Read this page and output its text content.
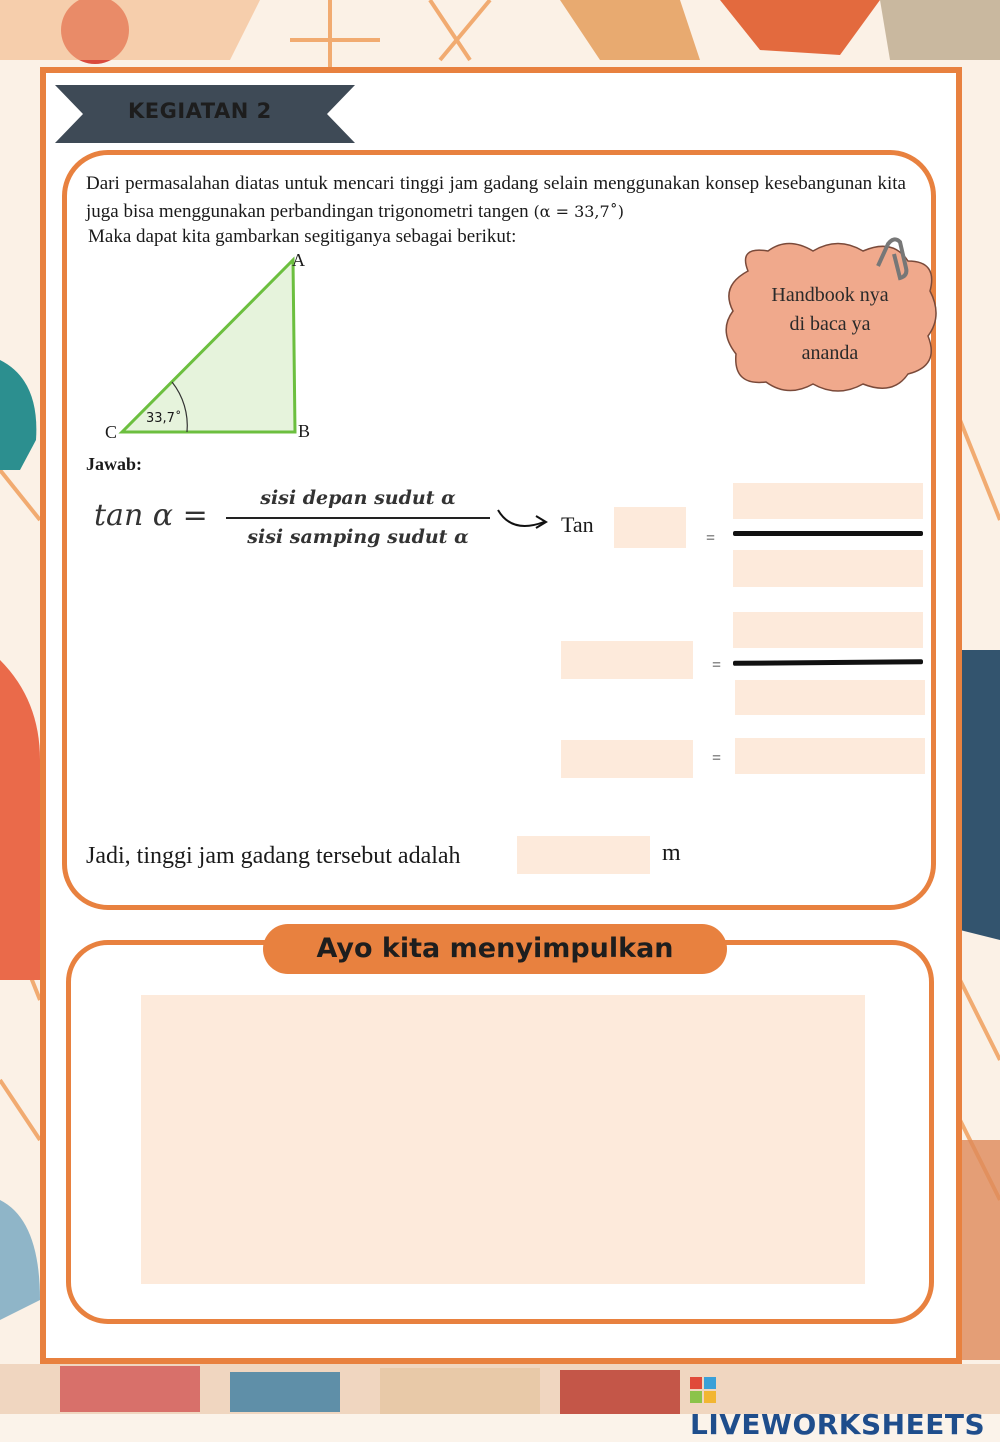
KEGIATAN 2
Dari permasalahan diatas untuk mencari tinggi jam gadang selain menggunakan konsep kesebangunan kita juga bisa menggunakan perbandingan trigonometri tangen (α = 33,7˚)
Maka dapat kita gambarkan segitiganya sebagai berikut:
A
B
C
33,7˚
Handbook nya
di baca ya
ananda
Jawab:
tan α =	sisi depan sudut α
sisi samping sudut α	Tan
=
=
=
Jadi, tinggi jam gadang tersebut adalah	m
Ayo kita menyimpulkan
LIVEWORKSHEETS
